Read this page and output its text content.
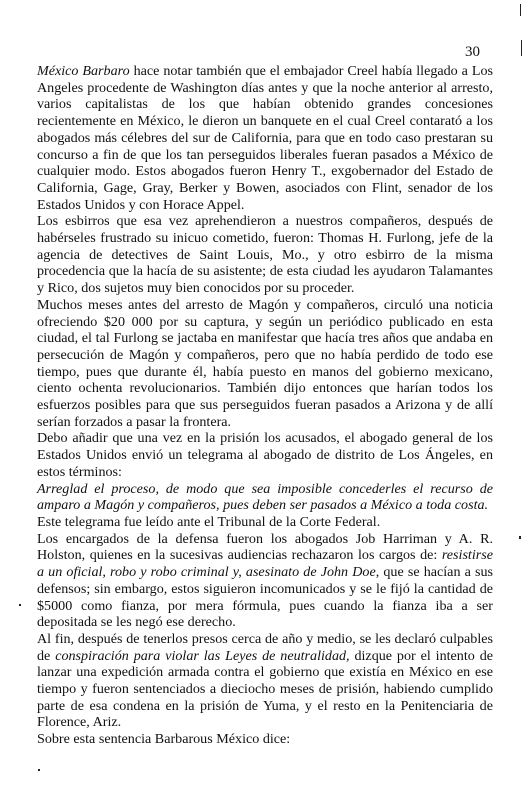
30

México Barbaro hace notar también que el embajador Creel había llegado a Los Angeles procedente de Washington días antes y que la noche anterior al arresto, varios capitalistas de los que habían obtenido grandes concesiones recientemente en México, le dieron un banquete en el cual Creel contarató a los abogados más célebres del sur de California, para que en todo caso prestaran su concurso a fin de que los tan perseguidos liberales fueran pasados a México de cualquier modo. Estos abogados fueron Henry T., exgobernador del Estado de California, Gage, Gray, Berker y Bowen, asociados con Flint, senador de los Estados Unidos y con Horace Appel.

Los esbirros que esa vez aprehendieron a nuestros compañeros, después de habérseles frustrado su inicuo cometido, fueron: Thomas H. Furlong, jefe de la agencia de detectives de Saint Louis, Mo., y otro esbirro de la misma procedencia que la hacía de su asistente; de esta ciudad les ayudaron Talamantes y Rico, dos sujetos muy bien conocidos por su proceder.

Muchos meses antes del arresto de Magón y compañeros, circuló una noticia ofreciendo $20 000 por su captura, y según un periódico publicado en esta ciudad, el tal Furlong se jactaba en manifestar que hacía tres años que andaba en persecución de Magón y compañeros, pero que no había perdido de todo ese tiempo, pues que durante él, había puesto en manos del gobierno mexicano, ciento ochenta revolucionarios. También dijo entonces que harían todos los esfuerzos posibles para que sus perseguidos fueran pasados a Arizona y de allí serían forzados a pasar la frontera.

Debo añadir que una vez en la prisión los acusados, el abogado general de los Estados Unidos envió un telegrama al abogado de distrito de Los Ángeles, en estos términos:

Arreglad el proceso, de modo que sea imposible concederles el recurso de amparo a Magón y compañeros, pues deben ser pasados a México a toda costa.

Este telegrama fue leído ante el Tribunal de la Corte Federal.

Los encargados de la defensa fueron los abogados Job Harriman y A. R. Holston, quienes en la sucesivas audiencias rechazaron los cargos de: resistirse a un oficial, robo y robo criminal y, asesinato de John Doe, que se hacían a sus defensos; sin embargo, estos siguieron incomunicados y se le fijó la cantidad de $5000 como fianza, por mera fórmula, pues cuando la fianza iba a ser depositada se les negó ese derecho.

Al fin, después de tenerlos presos cerca de año y medio, se les declaró culpables de conspiración para violar las Leyes de neutralidad, dizque por el intento de lanzar una expedición armada contra el gobierno que existía en México en ese tiempo y fueron sentenciados a dieciocho meses de prisión, habiendo cumplido parte de esa condena en la prisión de Yuma, y el resto en la Penitenciaria de Florence, Ariz.

Sobre esta sentencia Barbarous México dice:
